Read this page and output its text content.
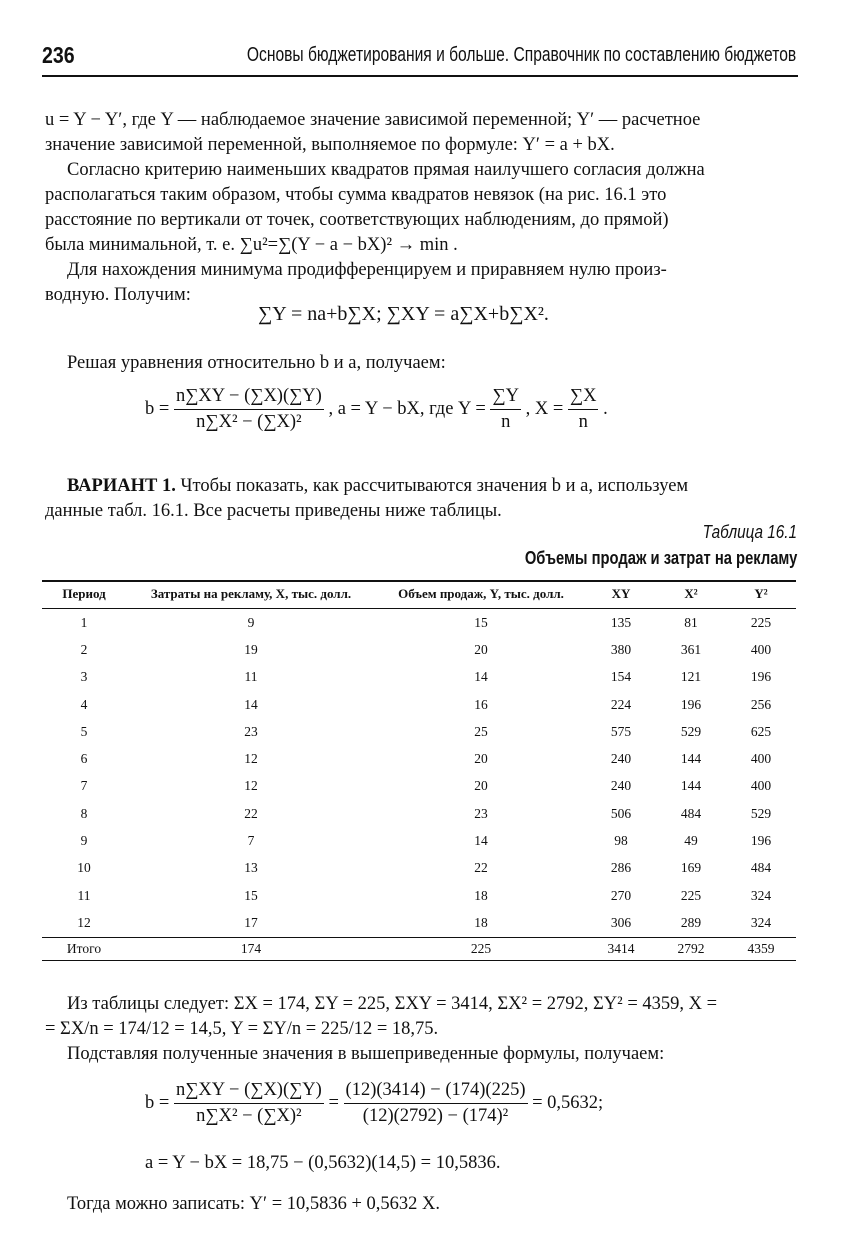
236	Основы бюджетирования и больше. Справочник по составлению бюджетов
u = Y − Y′, где Y — наблюдаемое значение зависимой переменной; Y′ — расчетное
значение зависимой переменной, выполняемое по формуле: Y′ = a + bX.
Согласно критерию наименьших квадратов прямая наилучшего согласия должна
располагаться таким образом, чтобы сумма квадратов невязок (на рис. 16.1 это
расстояние по вертикали от точек, соответствующих наблюдениям, до прямой)
была минимальной, т. е. ∑u²=∑(Y − a − bX)² → min .
Для нахождения минимума продифференцируем и приравняем нулю произ-
водную. Получим:
∑Y = na+b∑X; ∑XY = a∑X+b∑X².
Решая уравнения относительно b и a, получаем:
$b = \frac{n\sum XY - (\sum X)(\sum Y)}{\text{n∑X² − (∑X)²}}$ , a = Y − bX, где $Y = \frac{\sum Y}{n}$ , $X = \frac{\sum X}{n}$ .
ВАРИАНТ 1. Чтобы показать, как рассчитываются значения b и a, используем
данные табл. 16.1. Все расчеты приведены ниже таблицы.
Таблица 16.1
Объемы продаж и затрат на рекламу
Период	Затраты на рекламу, X, тыс. долл.	Объем продаж, Y, тыс. долл.	XY	X²	Y²
1	9	15	135	81	225
2	19	20	380	361	400
3	11	14	154	121	196
4	14	16	224	196	256
5	23	25	575	529	625
6	12	20	240	144	400
7	12	20	240	144	400
8	22	23	506	484	529
9	7	14	98	49	196
10	13	22	286	169	484
11	15	18	270	225	324
12	17	18	306	289	324
Итого	174	225	3414	2792	4359
Из таблицы следует: ΣX = 174, ΣY = 225, ΣXY = 3414, ΣX² = 2792, ΣY² = 4359, X =
= ΣX/n = 174/12 = 14,5, Y = ΣY/n = 225/12 = 18,75.
Подставляя полученные значения в вышеприведенные формулы, получаем:
$b = \frac{n\sum XY - (\sum X)(\sum Y)}{\text{n∑X² − (∑X)²}} = \frac{(12)(3414) - (174)(225)}{\text{(12)(2792) − (174)²}} = 0,5632$;
a = Y − bX = 18,75 − (0,5632)(14,5) = 10,5836.
Тогда можно записать: Y′ = 10,5836 + 0,5632 X.
